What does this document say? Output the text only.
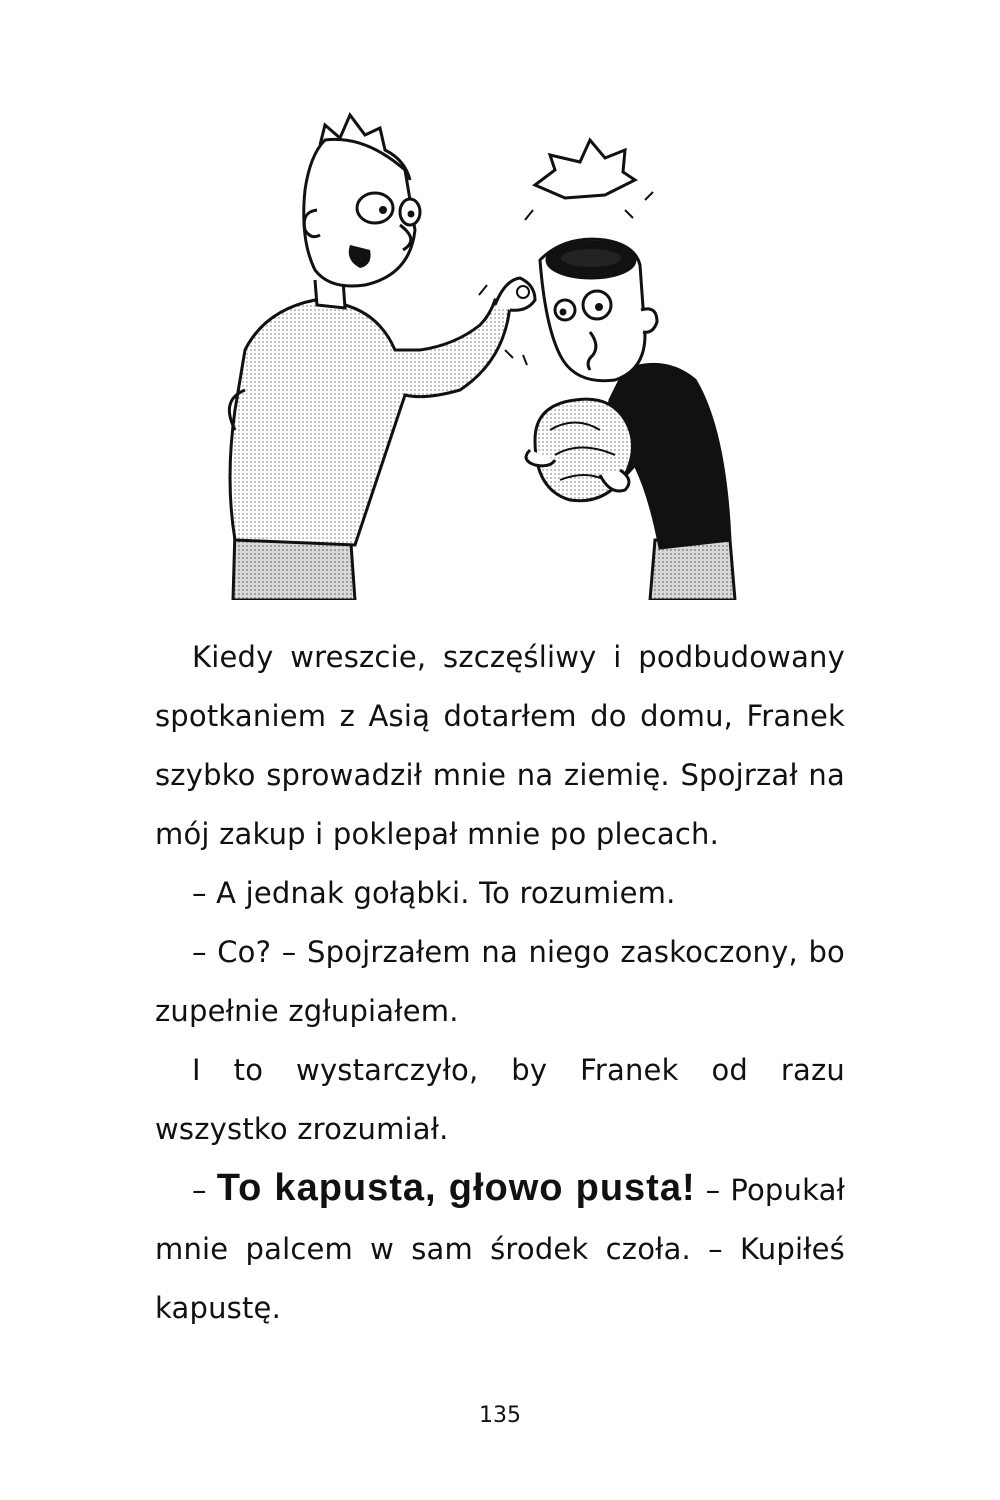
Kiedy wreszcie, szczęśliwy i podbudowany spotkaniem z Asią dotarłem do domu, Franek szybko sprowadził mnie na ziemię. Spojrzał na mój zakup i poklepał mnie po plecach.

– A jednak gołąbki. To rozumiem.

– Co? – Spojrzałem na niego zaskoczony, bo zupełnie zgłupiałem.

I to wystarczyło, by Franek od razu wszystko zrozumiał.

– To kapusta, głowo pusta! – Popukał mnie palcem w sam środek czoła. – Kupiłeś kapustę.

135
